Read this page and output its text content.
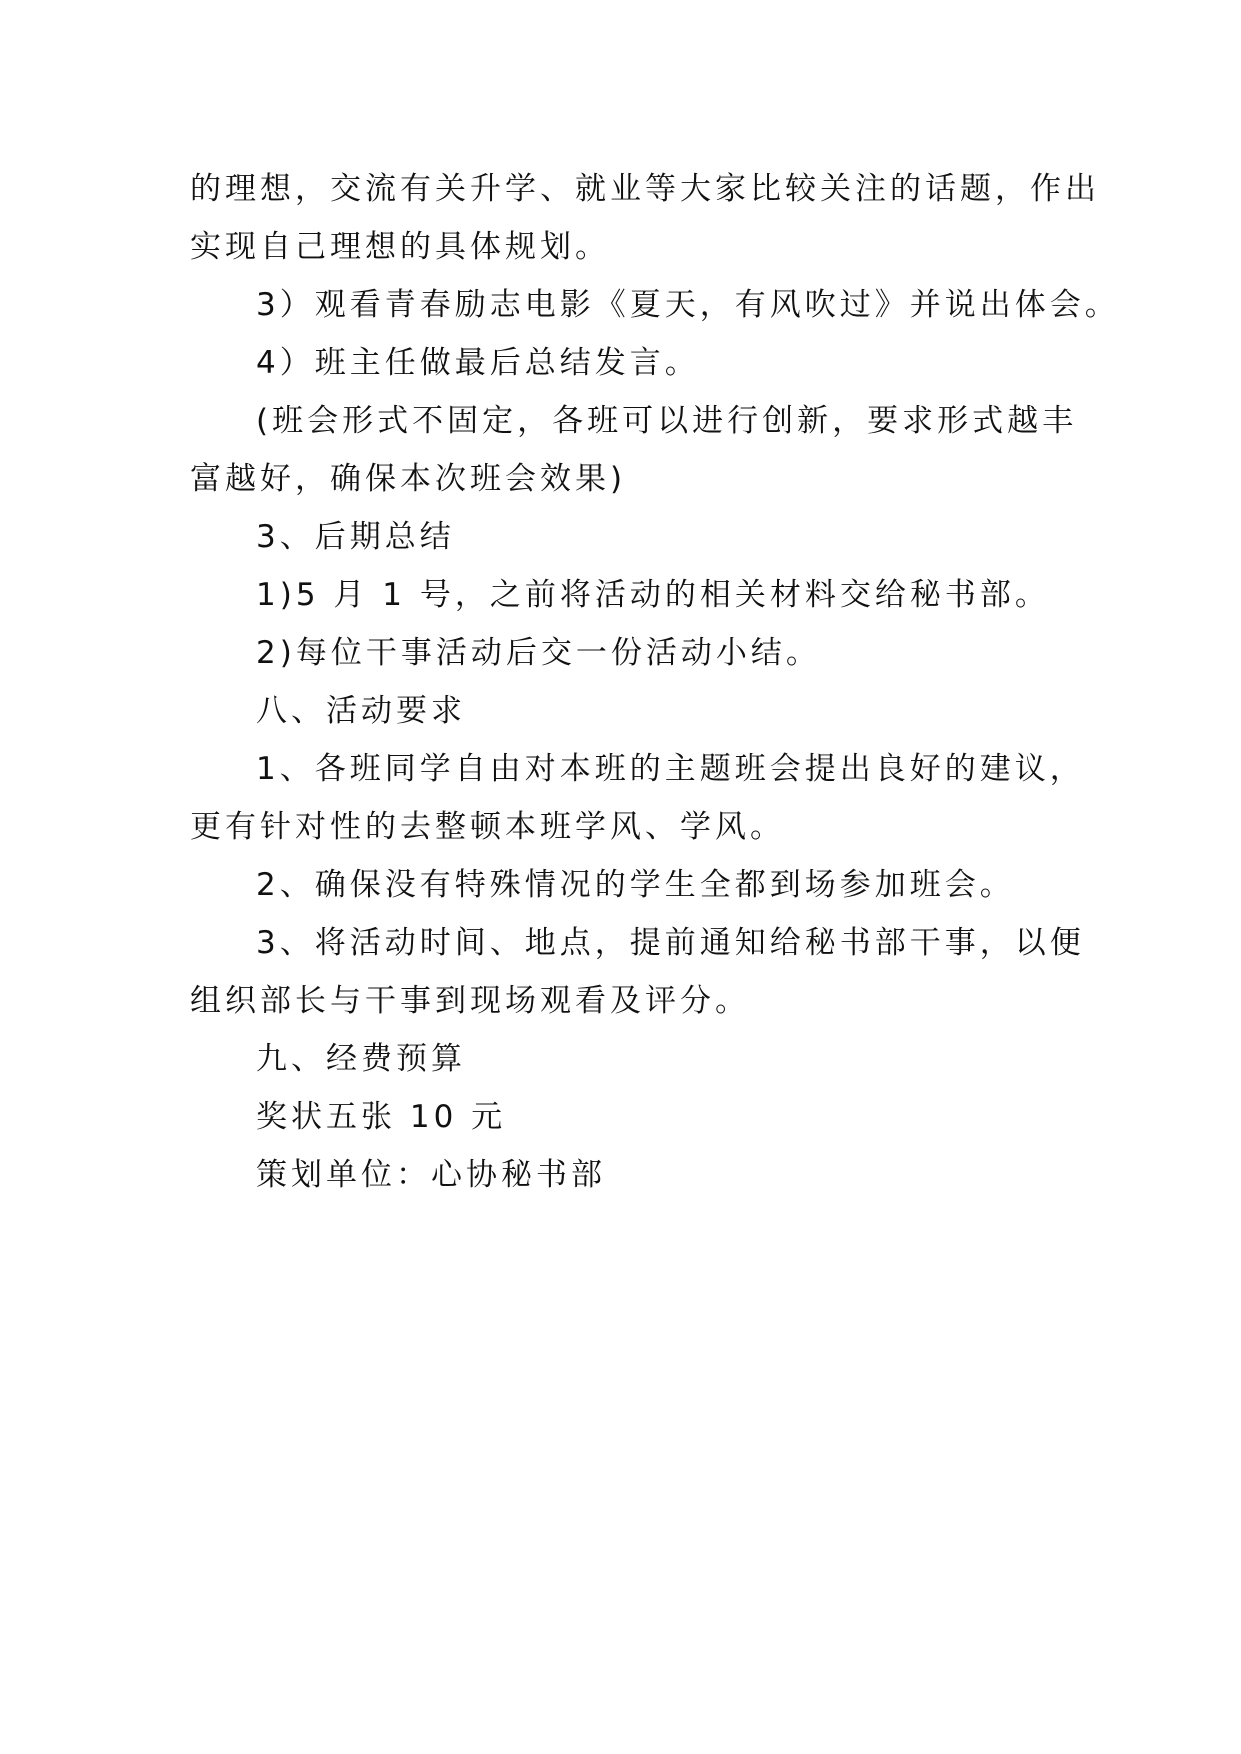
的理想，交流有关升学、就业等大家比较关注的话题，作出

实现自己理想的具体规划。

3）观看青春励志电影《夏天，有风吹过》并说出体会。

4）班主任做最后总结发言。

(班会形式不固定，各班可以进行创新，要求形式越丰

富越好，确保本次班会效果)

3、后期总结

1)5 月 1 号，之前将活动的相关材料交给秘书部。

2)每位干事活动后交一份活动小结。

八、活动要求

1、各班同学自由对本班的主题班会提出良好的建议，

更有针对性的去整顿本班学风、学风。

2、确保没有特殊情况的学生全都到场参加班会。

3、将活动时间、地点，提前通知给秘书部干事，以便

组织部长与干事到现场观看及评分。

九、经费预算

奖状五张 10 元

策划单位：心协秘书部
